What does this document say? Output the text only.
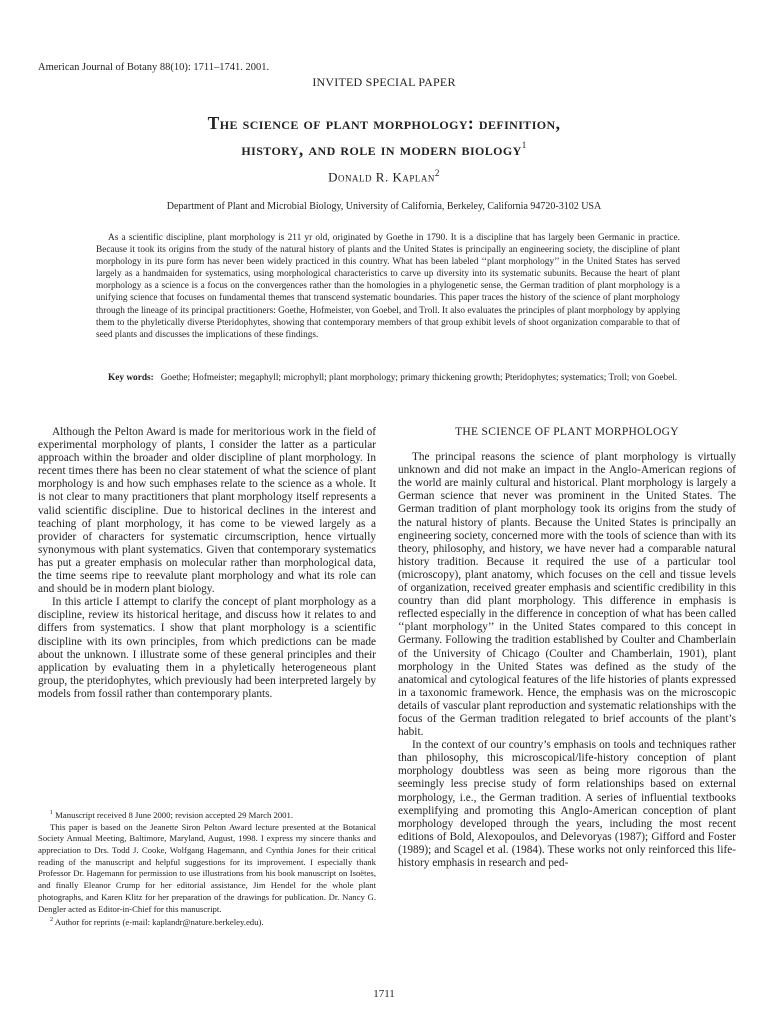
American Journal of Botany 88(10): 1711–1741. 2001.
INVITED SPECIAL PAPER
The science of plant morphology: definition,
history, and role in modern biology$^1$
Donald R. Kaplan$^2$
Department of Plant and Microbial Biology, University of California, Berkeley, California 94720-3102 USA

As a scientific discipline, plant morphology is 211 yr old, originated by Goethe in 1790. It is a discipline that has largely been Germanic in practice. Because it took its origins from the study of the natural history of plants and the United States is principally an engineering society, the discipline of plant morphology in its pure form has never been widely practiced in this country. What has been labeled ‘‘plant morphology’’ in the United States has served largely as a handmaiden for systematics, using morphological characteristics to carve up diversity into its systematic subunits. Because the heart of plant morphology as a science is a focus on the convergences rather than the homologies in a phylogenetic sense, the German tradition of plant morphology is a unifying science that focuses on fundamental themes that transcend systematic boundaries. This paper traces the history of the science of plant morphology through the lineage of its principal practitioners: Goethe, Hofmeister, von Goebel, and Troll. It also evaluates the principles of plant morphology by applying them to the phyletically diverse Pteridophytes, showing that contemporary members of that group exhibit levels of shoot organization comparable to that of seed plants and discusses the implications of these findings.

Key words: Goethe; Hofmeister; megaphyll; microphyll; plant morphology; primary thickening growth; Pteridophytes; systematics; Troll; von Goebel.

Although the Pelton Award is made for meritorious work in the field of experimental morphology of plants, I consider the latter as a particular approach within the broader and older discipline of plant morphology. In recent times there has been no clear statement of what the science of plant morphology is and how such emphases relate to the science as a whole. It is not clear to many practitioners that plant morphology itself represents a valid scientific discipline. Due to historical declines in the interest and teaching of plant morphology, it has come to be viewed largely as a provider of characters for systematic circumscription, hence virtually synonymous with plant systematics. Given that contemporary systematics has put a greater emphasis on molecular rather than morphological data, the time seems ripe to reevalute plant morphology and what its role can and should be in modern plant biology.

In this article I attempt to clarify the concept of plant morphology as a discipline, review its historical heritage, and discuss how it relates to and differs from systematics. I show that plant morphology is a scientific discipline with its own principles, from which predictions can be made about the unknown. I illustrate some of these general principles and their application by evaluating them in a phyletically heterogeneous plant group, the pteridophytes, which previously had been interpreted largely by models from fossil rather than contemporary plants.

$^1$ Manuscript received 8 June 2000; revision accepted 29 March 2001.

This paper is based on the Jeanette Siron Pelton Award lecture presented at the Botanical Society Annual Meeting, Baltimore, Maryland, August, 1998. I express my sincere thanks and appreciation to Drs. Todd J. Cooke, Wolfgang Hagemann, and Cynthia Jones for their critical reading of the manuscript and helpful suggestions for its improvement. I especially thank Professor Dr. Hagemann for permission to use illustrations from his book manuscript on Isoëtes, and finally Eleanor Crump for her editorial assistance, Jim Hendel for the whole plant photographs, and Karen Klitz for her preparation of the drawings for publication. Dr. Nancy G. Dengler acted as Editor-in-Chief for this manuscript.

$^2$ Author for reprints (e-mail: kaplandr@nature.berkeley.edu).

THE SCIENCE OF PLANT MORPHOLOGY

The principal reasons the science of plant morphology is virtually unknown and did not make an impact in the Anglo-American regions of the world are mainly cultural and historical. Plant morphology is largely a German science that never was prominent in the United States. The German tradition of plant morphology took its origins from the study of the natural history of plants. Because the United States is principally an engineering society, concerned more with the tools of science than with its theory, philosophy, and history, we have never had a comparable natural history tradition. Because it required the use of a particular tool (microscopy), plant anatomy, which focuses on the cell and tissue levels of organization, received greater emphasis and scientific credibility in this country than did plant morphology. This difference in emphasis is reflected especially in the difference in conception of what has been called ‘‘plant morphology’’ in the United States compared to this concept in Germany. Following the tradition established by Coulter and Chamberlain of the University of Chicago (Coulter and Chamberlain, 1901), plant morphology in the United States was defined as the study of the anatomical and cytological features of the life histories of plants expressed in a taxonomic framework. Hence, the emphasis was on the microscopic details of vascular plant reproduction and systematic relationships with the focus of the German tradition relegated to brief accounts of the plant’s habit.

In the context of our country’s emphasis on tools and techniques rather than philosophy, this microscopical/life-history conception of plant morphology doubtless was seen as being more rigorous than the seemingly less precise study of form relationships based on external morphology, i.e., the German tradition. A series of influential textbooks exemplifying and promoting this Anglo-American conception of plant morphology developed through the years, including the most recent editions of Bold, Alexopoulos, and Delevoryas (1987); Gifford and Foster (1989); and Scagel et al. (1984). These works not only reinforced this life-history emphasis in research and ped-

1711
